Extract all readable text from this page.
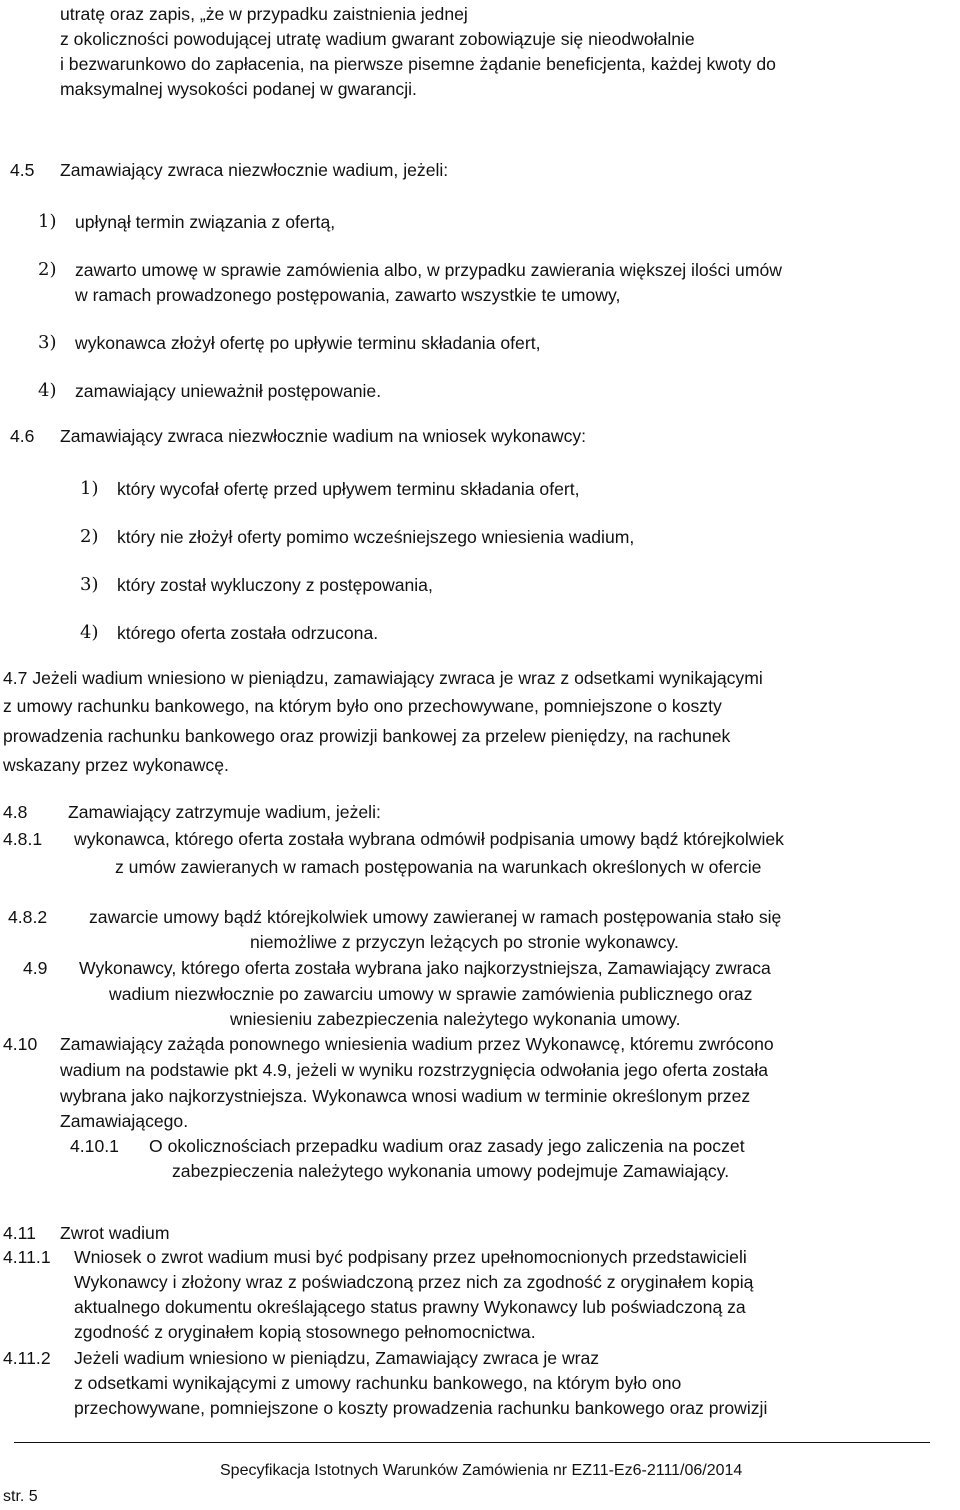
utratę oraz zapis, „że w przypadku zaistnienia jednej
z okoliczności powodującej utratę wadium gwarant zobowiązuje się nieodwołalnie
i bezwarunkowo do zapłacenia, na pierwsze pisemne żądanie beneficjenta, każdej kwoty do
maksymalnej wysokości podanej w gwarancji.
4.5 Zamawiający zwraca niezwłocznie wadium, jeżeli:
1) upłynął termin związania z ofertą,
2) zawarto umowę w sprawie zamówienia albo, w przypadku zawierania większej ilości umów
w ramach prowadzonego postępowania, zawarto wszystkie te umowy,
3) wykonawca złożył ofertę po upływie terminu składania ofert,
4) zamawiający unieważnił postępowanie.
4.6 Zamawiający zwraca niezwłocznie wadium na wniosek wykonawcy:
1) który wycofał ofertę przed upływem terminu składania ofert,
2) który nie złożył oferty pomimo wcześniejszego wniesienia wadium,
3) który został wykluczony z postępowania,
4) którego oferta została odrzucona.
4.7 Jeżeli wadium wniesiono w pieniądzu, zamawiający zwraca je wraz z odsetkami wynikającymi
z umowy rachunku bankowego, na którym było ono przechowywane, pomniejszone o koszty
prowadzenia rachunku bankowego oraz prowizji bankowej za przelew pieniędzy, na rachunek
wskazany przez wykonawcę.
4.8 Zamawiający zatrzymuje wadium, jeżeli:
4.8.1 wykonawca, którego oferta została wybrana odmówił podpisania umowy bądź którejkolwiek
z umów zawieranych w ramach postępowania na warunkach określonych w ofercie
4.8.2 zawarcie umowy bądź którejkolwiek umowy zawieranej w ramach postępowania stało się
niemożliwe z przyczyn leżących po stronie wykonawcy.
4.9 Wykonawcy, którego oferta została wybrana jako najkorzystniejsza, Zamawiający zwraca
wadium niezwłocznie po zawarciu umowy w sprawie zamówienia publicznego oraz
wniesieniu zabezpieczenia należytego wykonania umowy.
4.10 Zamawiający zażąda ponownego wniesienia wadium przez Wykonawcę, któremu zwrócono
wadium na podstawie pkt 4.9, jeżeli w wyniku rozstrzygnięcia odwołania jego oferta została
wybrana jako najkorzystniejsza. Wykonawca wnosi wadium w terminie określonym przez
Zamawiającego.
4.10.1 O okolicznościach przepadku wadium oraz zasady jego zaliczenia na poczet
zabezpieczenia należytego wykonania umowy podejmuje Zamawiający.
4.11 Zwrot wadium
4.11.1 Wniosek o zwrot wadium musi być podpisany przez upełnomocnionych przedstawicieli
Wykonawcy i złożony wraz z poświadczoną przez nich za zgodność z oryginałem kopią
aktualnego dokumentu określającego status prawny Wykonawcy lub poświadczoną za
zgodność z oryginałem kopią stosownego pełnomocnictwa.
4.11.2 Jeżeli wadium wniesiono w pieniądzu, Zamawiający zwraca je wraz
z odsetkami wynikającymi z umowy rachunku bankowego, na którym było ono
przechowywane, pomniejszone o koszty prowadzenia rachunku bankowego oraz prowizji
Specyfikacja Istotnych Warunków Zamówienia nr EZ11-Ez6-2111/06/2014
str. 5
